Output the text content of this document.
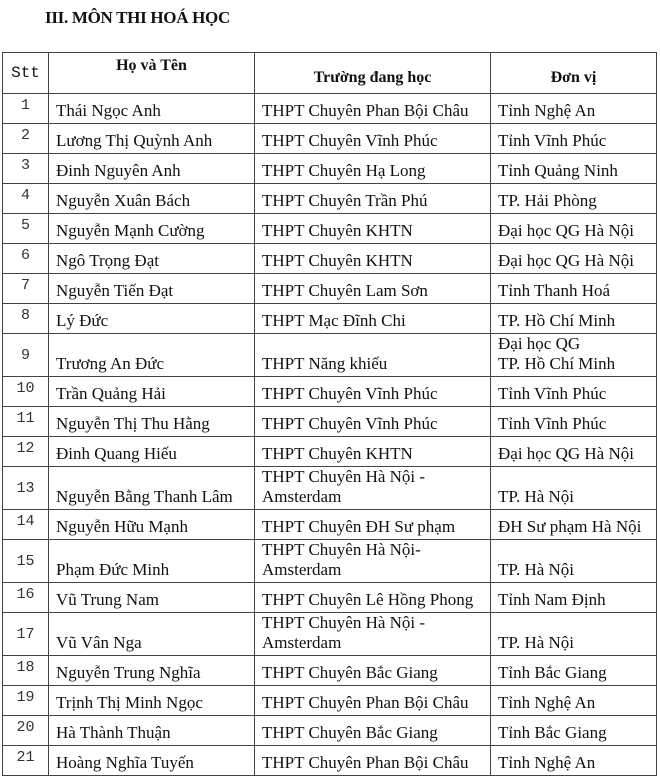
III. MÔN THI HOÁ HỌC
Stt	Họ và Tên	Trường đang học	Đơn vị
1	Thái Ngọc Anh	THPT Chuyên Phan Bội Châu	Tỉnh Nghệ An
2	Lương Thị Quỳnh Anh	THPT Chuyên Vĩnh Phúc	Tỉnh Vĩnh Phúc
3	Đinh Nguyên Anh	THPT Chuyên Hạ Long	Tỉnh Quảng Ninh
4	Nguyễn Xuân Bách	THPT Chuyên Trần Phú	TP. Hải Phòng
5	Nguyễn Mạnh Cường	THPT Chuyên KHTN	Đại học QG Hà Nội
6	Ngô Trọng Đạt	THPT Chuyên KHTN	Đại học QG Hà Nội
7	Nguyễn Tiến Đạt	THPT Chuyên Lam Sơn	Tỉnh Thanh Hoá
8	Lý Đức	THPT Mạc Đĩnh Chi	TP. Hồ Chí Minh
9	Trương An Đức	THPT Năng khiếu	Đại học QG
TP. Hồ Chí Minh
10	Trần Quảng Hải	THPT Chuyên Vĩnh Phúc	Tỉnh Vĩnh Phúc
11	Nguyễn Thị Thu Hằng	THPT Chuyên Vĩnh Phúc	Tỉnh Vĩnh Phúc
12	Đinh Quang Hiếu	THPT Chuyên KHTN	Đại học QG Hà Nội
13	Nguyễn Bằng Thanh Lâm	THPT Chuyên Hà Nội -
Amsterdam	TP. Hà Nội
14	Nguyễn Hữu Mạnh	THPT Chuyên ĐH Sư phạm	ĐH Sư phạm Hà Nội
15	Phạm Đức Minh	THPT Chuyên Hà Nội-
Amsterdam	TP. Hà Nội
16	Vũ Trung Nam	THPT Chuyên Lê Hồng Phong	Tỉnh Nam Định
17	Vũ Vân Nga	THPT Chuyên Hà Nội -
Amsterdam	TP. Hà Nội
18	Nguyễn Trung Nghĩa	THPT Chuyên Bắc Giang	Tỉnh Bắc Giang
19	Trịnh Thị Minh Ngọc	THPT Chuyên Phan Bội Châu	Tỉnh Nghệ An
20	Hà Thành Thuận	THPT Chuyên Bắc Giang	Tỉnh Bắc Giang
21	Hoàng Nghĩa Tuyến	THPT Chuyên Phan Bội Châu	Tỉnh Nghệ An
